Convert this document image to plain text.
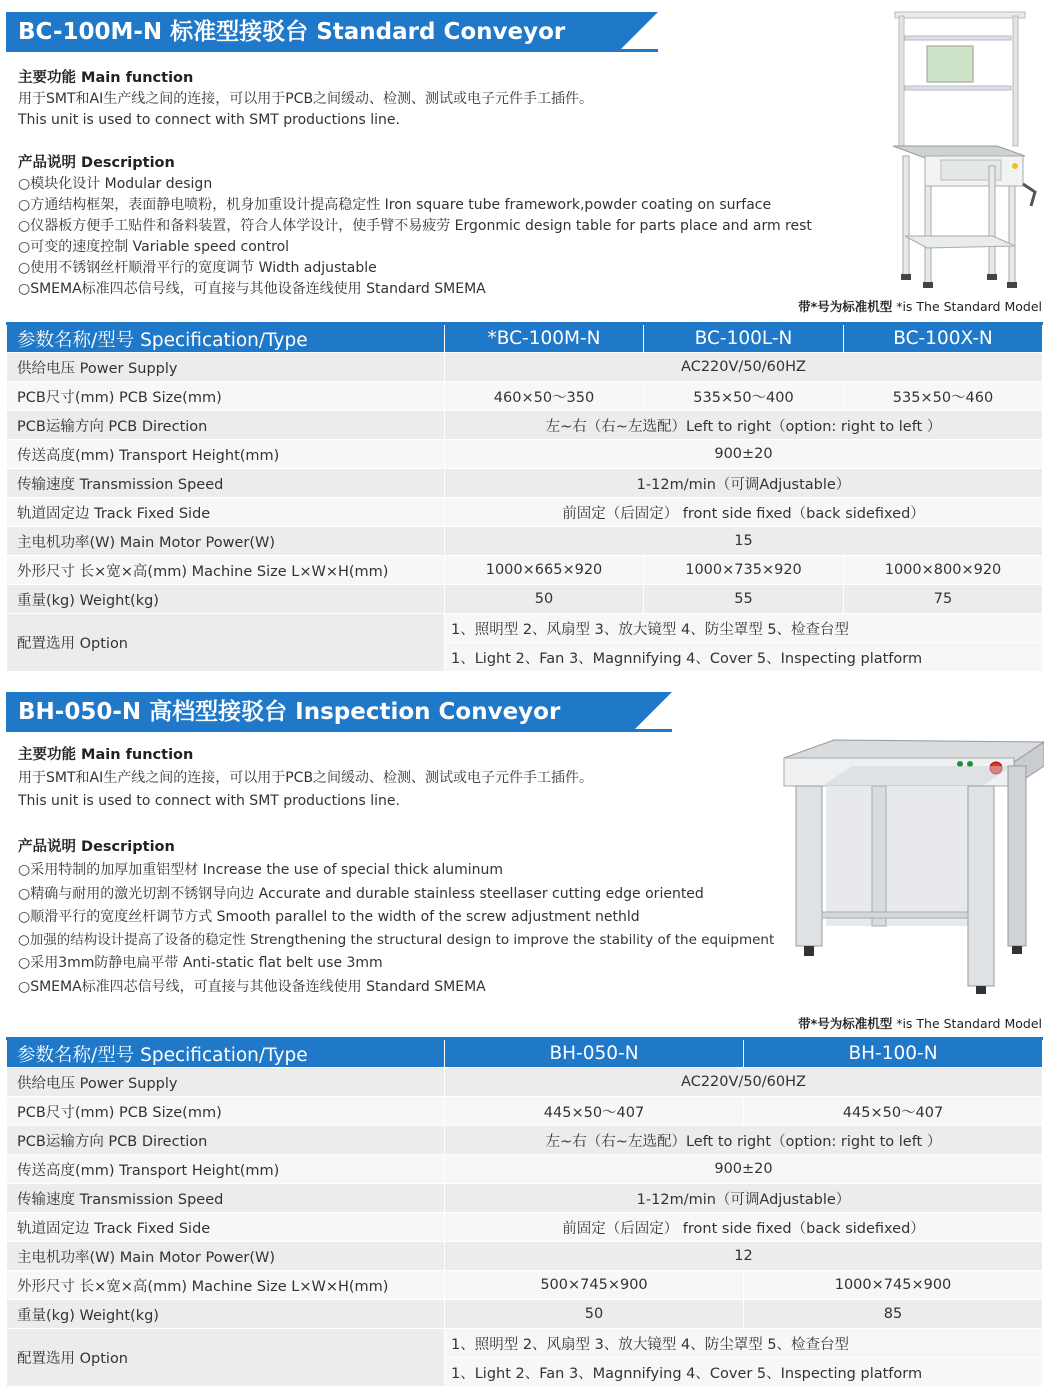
BC-100M-N 标准型接驳台 Standard Conveyor
主要功能 Main function
用于SMT和AI生产线之间的连接，可以用于PCB之间缓动、检测、测试或电子元件手工插件。
This unit is used to connect with SMT productions line.
产品说明 Description
○模块化设计 Modular design
○方通结构框架，表面静电喷粉，机身加重设计提高稳定性 Iron square tube framework,powder coating on surface
○仪器板方便手工贴件和备料装置，符合人体学设计，使手臂不易疲劳 Ergonmic design table for parts place and arm rest
○可变的速度控制 Variable speed control
○使用不锈钢丝杆顺滑平行的宽度调节 Width adjustable
○SMEMA标准四芯信号线，可直接与其他设备连线使用 Standard SMEMA
带*号为标准机型 *is The Standard Model
参数名称/型号 Specification/Type	*BC-100M-N	BC-100L-N	BC-100X-N
供给电压 Power Supply	AC220V/50/60HZ		
PCB尺寸(mm) PCB Size(mm)	460×50～350	535×50～400	535×50～460
PCB运输方向 PCB Direction	左~右（右~左选配）Left to right（option: right to left ）		
传送高度(mm) Transport Height(mm)	900±20		
传输速度 Transmission Speed	1-12m/min（可调Adjustable）		
轨道固定边 Track Fixed Side	前固定（后固定） front side fixed（back sidefixed）		
主电机功率(W) Main Motor Power(W)	15		
外形尺寸 长×宽×高(mm) Machine Size L×W×H(mm)	1000×665×920	1000×735×920	1000×800×920
重量(kg) Weight(kg)	50	55	75
配置选用 Option	1、照明型 2、风扇型 3、放大镜型 4、防尘罩型 5、检查台型		
	1、Light 2、Fan 3、Magnnifying 4、Cover 5、Inspecting platform		
BH-050-N 高档型接驳台 Inspection Conveyor
主要功能 Main function
用于SMT和AI生产线之间的连接，可以用于PCB之间缓动、检测、测试或电子元件手工插件。
This unit is used to connect with SMT productions line.
产品说明 Description
○采用特制的加厚加重铝型材 Increase the use of special thick aluminum
○精确与耐用的激光切割不锈钢导向边 Accurate and durable stainless steellaser cutting edge oriented
○顺滑平行的宽度丝杆调节方式 Smooth parallel to the width of the screw adjustment nethld
○加强的结构设计提高了设备的稳定性 Strengthening the structural design to improve the stability of the equipment
○采用3mm防静电扁平带 Anti-static flat belt use 3mm
○SMEMA标准四芯信号线，可直接与其他设备连线使用 Standard SMEMA
带*号为标准机型 *is The Standard Model
参数名称/型号 Specification/Type	BH-050-N	BH-100-N
供给电压 Power Supply	AC220V/50/60HZ	
PCB尺寸(mm) PCB Size(mm)	445×50～407	445×50～407
PCB运输方向 PCB Direction	左~右（右~左选配）Left to right（option: right to left ）	
传送高度(mm) Transport Height(mm)	900±20	
传输速度 Transmission Speed	1-12m/min（可调Adjustable）	
轨道固定边 Track Fixed Side	前固定（后固定） front side fixed（back sidefixed）	
主电机功率(W) Main Motor Power(W)	12	
外形尺寸 长×宽×高(mm) Machine Size L×W×H(mm)	500×745×900	1000×745×900
重量(kg) Weight(kg)	50	85
配置选用 Option	1、照明型 2、风扇型 3、放大镜型 4、防尘罩型 5、检查台型	
	1、Light 2、Fan 3、Magnnifying 4、Cover 5、Inspecting platform	
